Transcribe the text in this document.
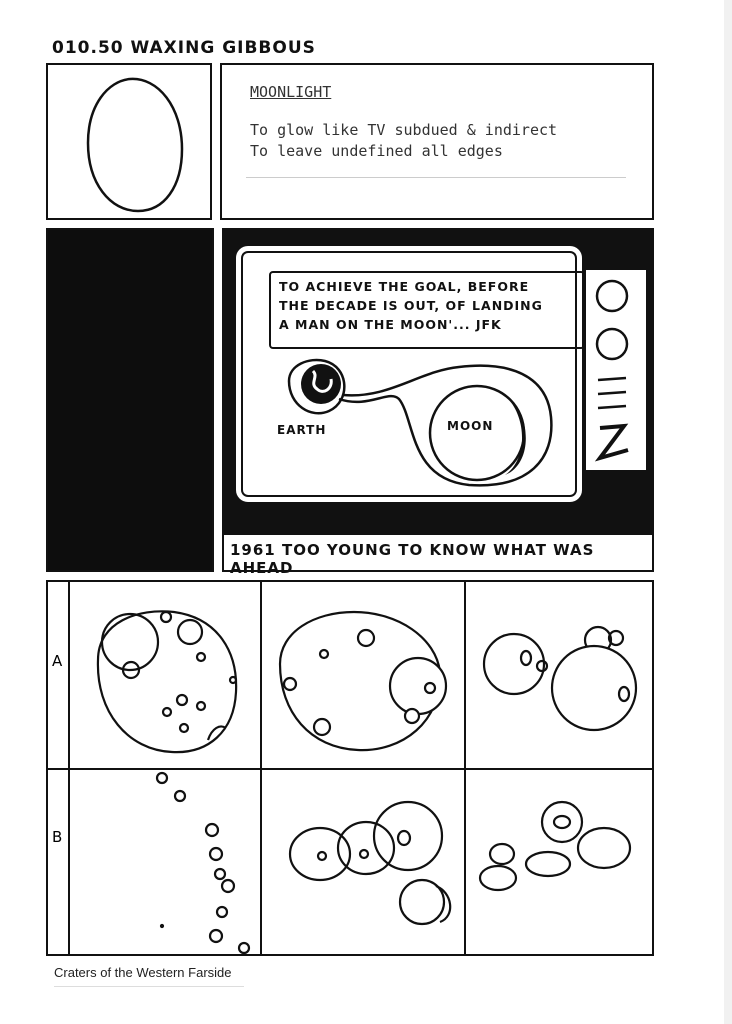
010.50 WAXING GIBBOUS
MOONLIGHT
To glow like TV subdued & indirect
To leave undefined all edges
TO ACHIEVE THE GOAL, BEFORE
THE DECADE IS OUT, OF LANDING
A MAN ON THE MOON'... JFK
EARTH	MOON
1961 TOO YOUNG TO KNOW WHAT WAS AHEAD
A
B
Craters of the Western Farside
